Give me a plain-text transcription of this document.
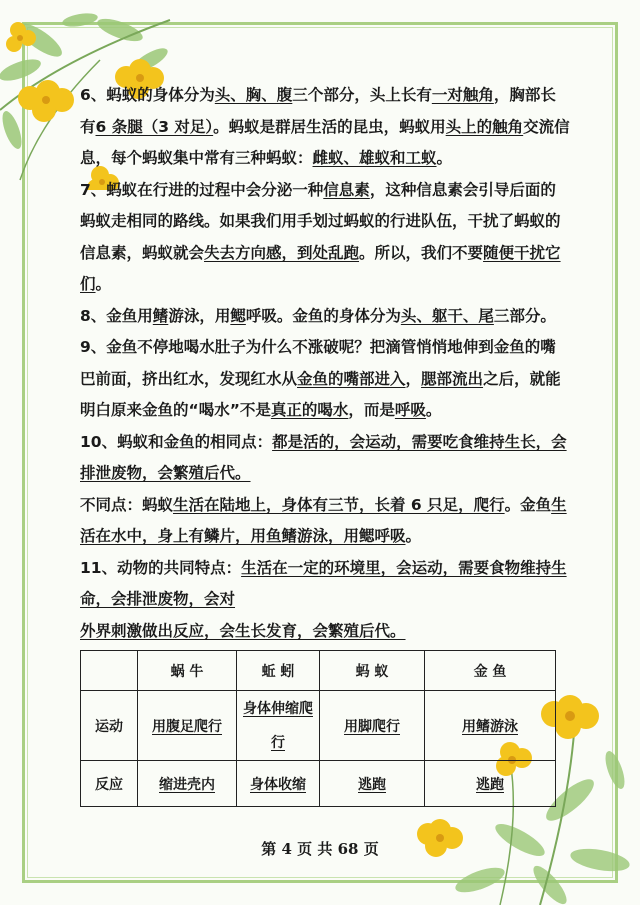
6、蚂蚁的身体分为头、胸、腹三个部分，头上长有一对触角，胸部长有6 条腿（3 对足）。蚂蚁是群居生活的昆虫，蚂蚁用头上的触角交流信息，每个蚂蚁集中常有三种蚂蚁：雌蚁、雄蚁和工蚁。

7、蚂蚁在行进的过程中会分泌一种信息素，这种信息素会引导后面的蚂蚁走相同的路线。如果我们用手划过蚂蚁的行进队伍，干扰了蚂蚁的信息素，蚂蚁就会失去方向感，到处乱跑。所以，我们不要随便干扰它们。

8、金鱼用鳍游泳，用鳃呼吸。金鱼的身体分为头、躯干、尾三部分。

9、金鱼不停地喝水肚子为什么不涨破呢？把滴管悄悄地伸到金鱼的嘴巴前面，挤出红水，发现红水从金鱼的嘴部进入，腮部流出之后，就能明白原来金鱼的“喝水”不是真正的喝水，而是呼吸。

10、蚂蚁和金鱼的相同点：都是活的，会运动，需要吃食维持生长，会排泄废物，会繁殖后代。

不同点：蚂蚁生活在陆地上，身体有三节，长着 6 只足，爬行。金鱼生活在水中，身上有鳞片，用鱼鳍游泳，用鳃呼吸。

11、动物的共同特点：生活在一定的环境里，会运动，需要食物维持生命，会排泄废物，会对

外界刺激做出反应，会生长发育，会繁殖后代。

	蜗 牛	蚯 蚓	蚂 蚁	金 鱼
运动	用腹足爬行	身体伸缩爬行	用脚爬行	用鳍游泳
反应	缩进壳内	身体收缩	逃跑	逃跑
第 4 页 共 68 页
